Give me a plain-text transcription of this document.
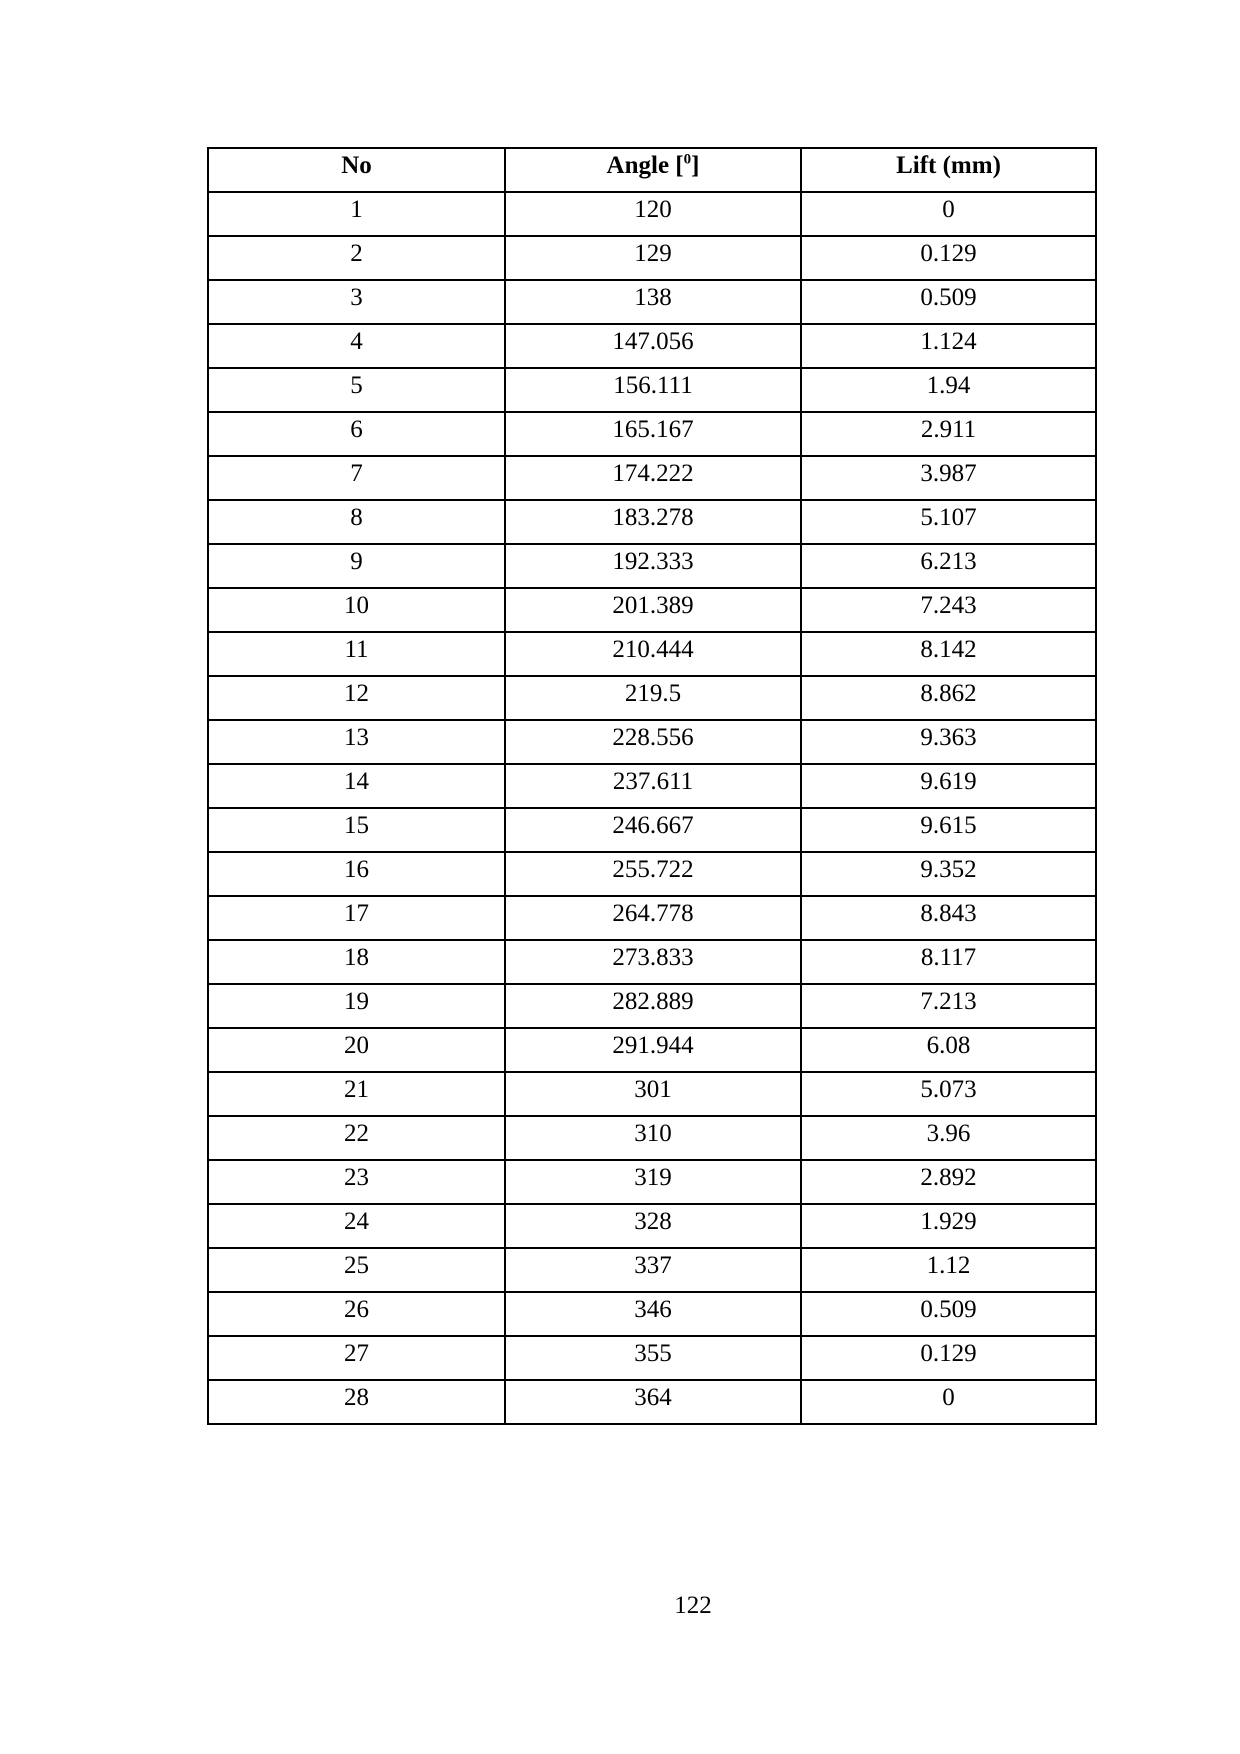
No	Angle [$^0$]	Lift (mm)
1	120	0
2	129	0.129
3	138	0.509
4	147.056	1.124
5	156.111	1.94
6	165.167	2.911
7	174.222	3.987
8	183.278	5.107
9	192.333	6.213
10	201.389	7.243
11	210.444	8.142
12	219.5	8.862
13	228.556	9.363
14	237.611	9.619
15	246.667	9.615
16	255.722	9.352
17	264.778	8.843
18	273.833	8.117
19	282.889	7.213
20	291.944	6.08
21	301	5.073
22	310	3.96
23	319	2.892
24	328	1.929
25	337	1.12
26	346	0.509
27	355	0.129
28	364	0
122
